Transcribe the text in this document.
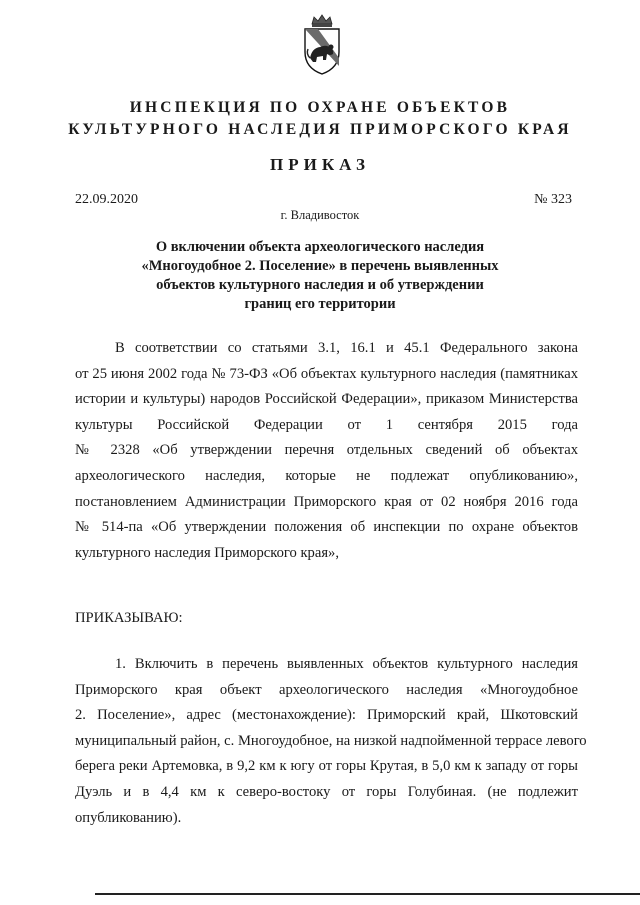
ИНСПЕКЦИЯ ПО ОХРАНЕ ОБЪЕКТОВ
КУЛЬТУРНОГО НАСЛЕДИЯ ПРИМОРСКОГО КРАЯ
ПРИКАЗ
22.09.2020	№ 323
г. Владивосток
О включении объекта археологического наследия
«Многоудобное 2. Поселение» в перечень выявленных
объектов культурного наследия и об утверждении
границ его территории
В соответствии со статьями 3.1, 16.1 и 45.1 Федерального закона
от 25 июня 2002 года № 73-ФЗ «Об объектах культурного наследия (памятниках
истории и культуры) народов Российской Федерации», приказом Министерства
культуры Российской Федерации от 1 сентября 2015 года
№ 2328 «Об утверждении перечня отдельных сведений об объектах
археологического наследия, которые не подлежат опубликованию»,
постановлением Администрации Приморского края от 02 ноября 2016 года
№ 514-па «Об утверждении положения об инспекции по охране объектов
культурного наследия Приморского края»,
ПРИКАЗЫВАЮ:
1. Включить в перечень выявленных объектов культурного наследия
Приморского края объект археологического наследия «Многоудобное
2. Поселение», адрес (местонахождение): Приморский край, Шкотовский
муниципальный район, с. Многоудобное, на низкой надпойменной террасе левого
берега реки Артемовка, в 9,2 км к югу от горы Крутая, в 5,0 км к западу от горы
Дуэль и в 4,4 км к северо-востоку от горы Голубиная. (не подлежит
опубликованию).
